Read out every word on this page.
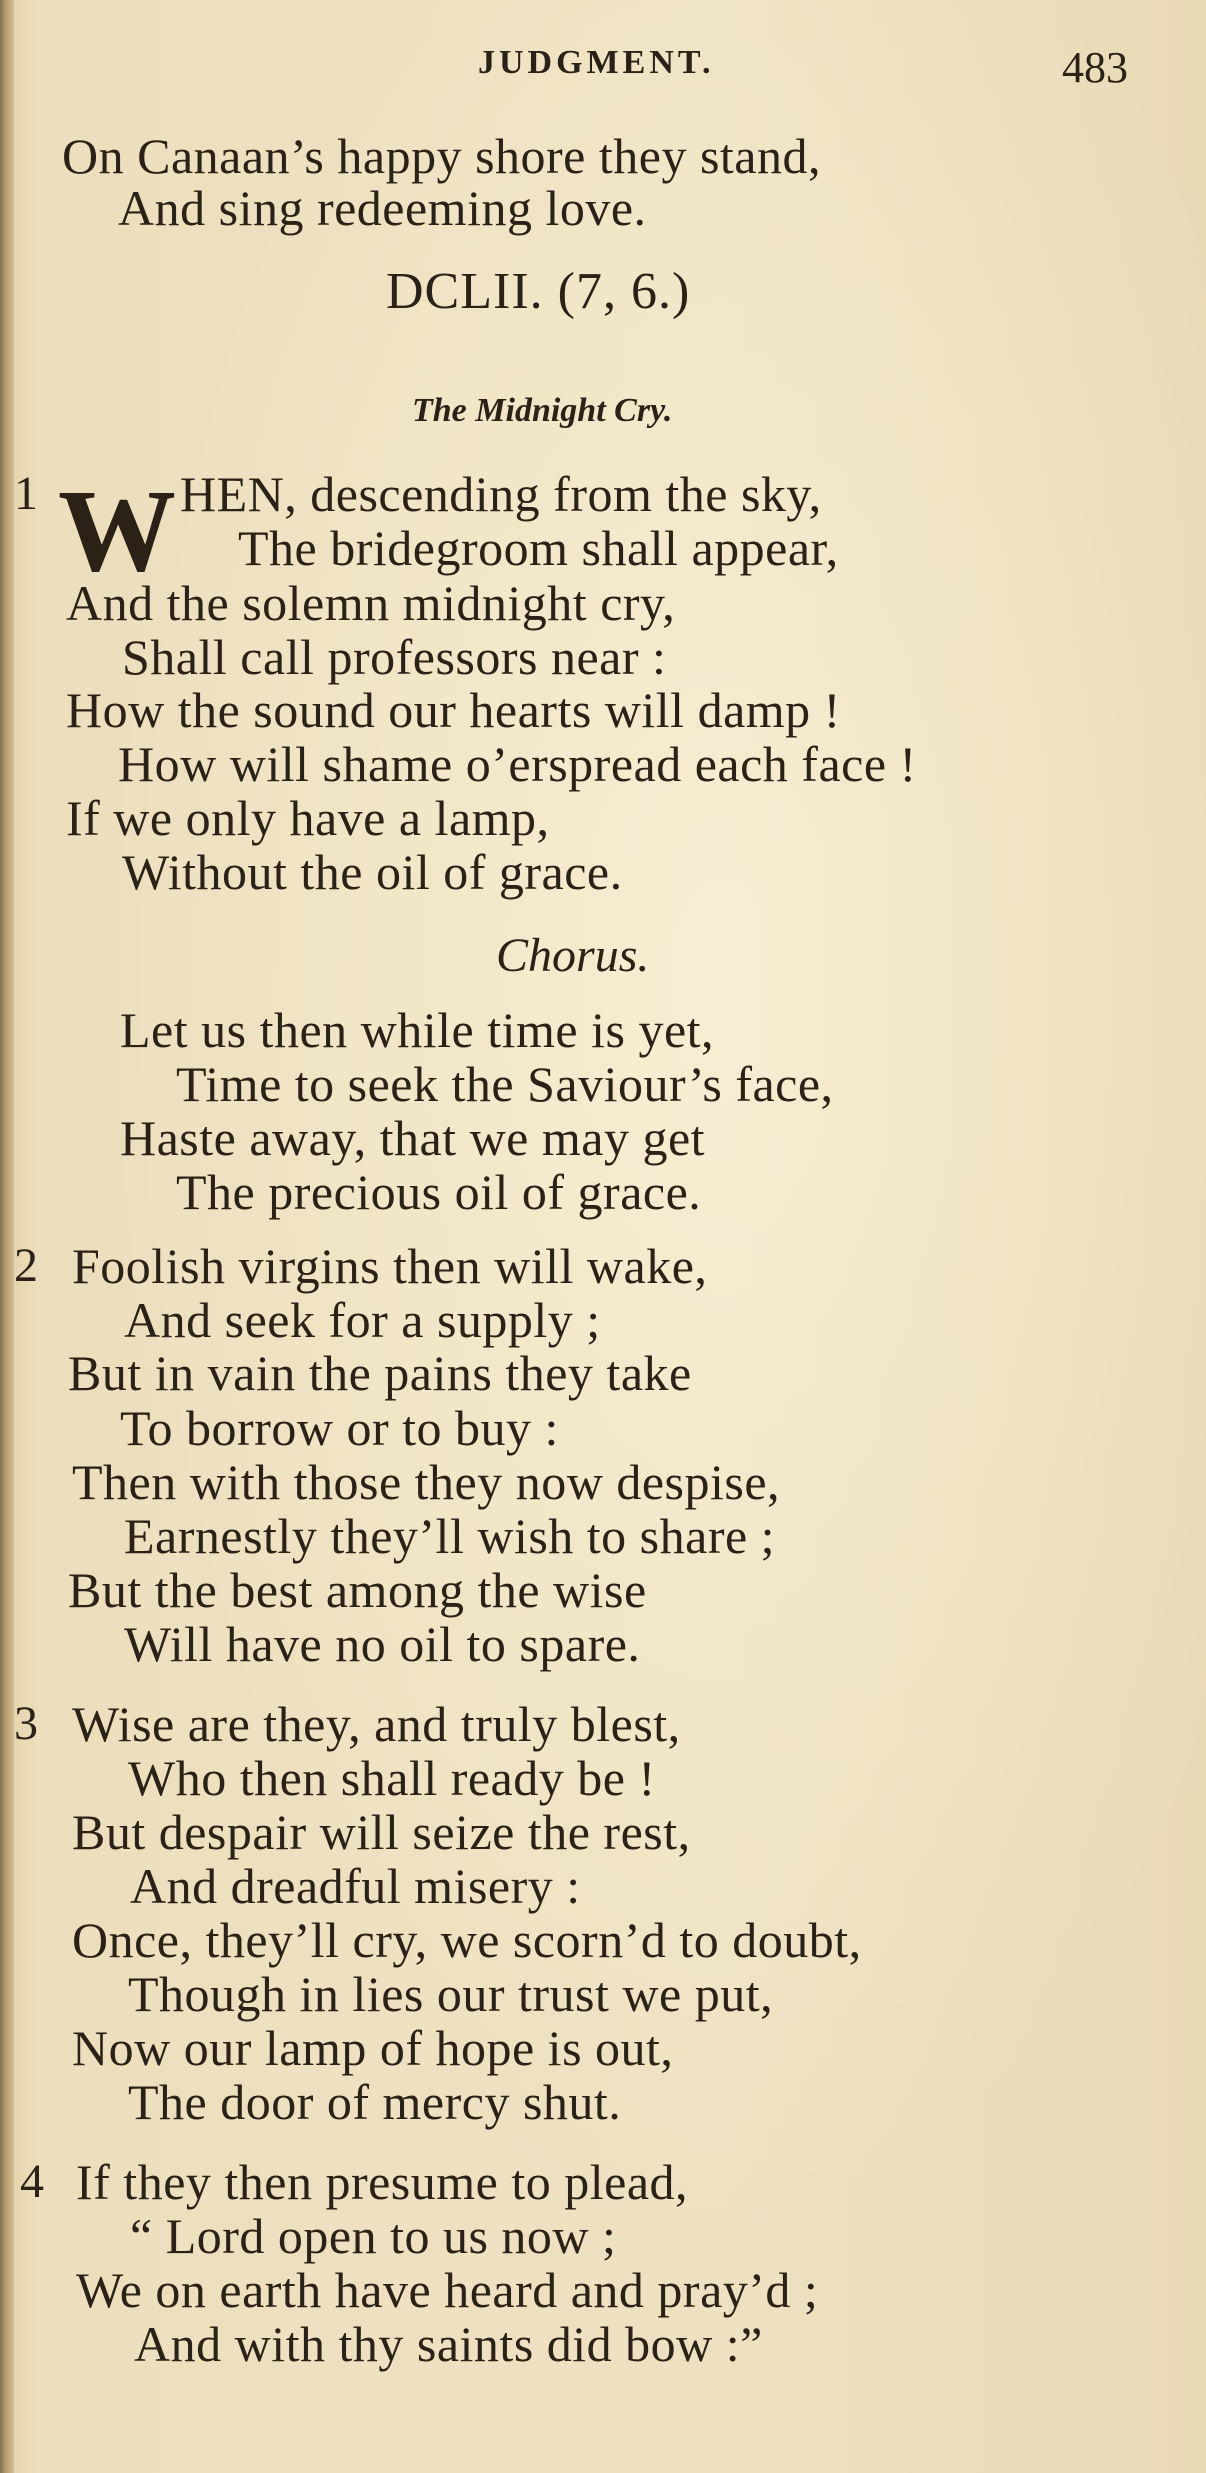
JUDGMENT.	483
On Canaan’s happy shore they stand,
And sing redeeming love.
DCLII. (7, 6.)
The Midnight Cry.
1 W HEN, descending from the sky,
The bridegroom shall appear,
And the solemn midnight cry,
Shall call professors near :
How the sound our hearts will damp !
How will shame o’erspread each face !
If we only have a lamp,
Without the oil of grace.
Chorus.
Let us then while time is yet,
Time to seek the Saviour’s face,
Haste away, that we may get
The precious oil of grace.
2 Foolish virgins then will wake,
And seek for a supply ;
But in vain the pains they take
To borrow or to buy :
Then with those they now despise,
Earnestly they’ll wish to share ;
But the best among the wise
Will have no oil to spare.
3 Wise are they, and truly blest,
Who then shall ready be !
But despair will seize the rest,
And dreadful misery :
Once, they’ll cry, we scorn’d to doubt,
Though in lies our trust we put,
Now our lamp of hope is out,
The door of mercy shut.
4 If they then presume to plead,
“ Lord open to us now ;
We on earth have heard and pray’d ;
And with thy saints did bow :”
